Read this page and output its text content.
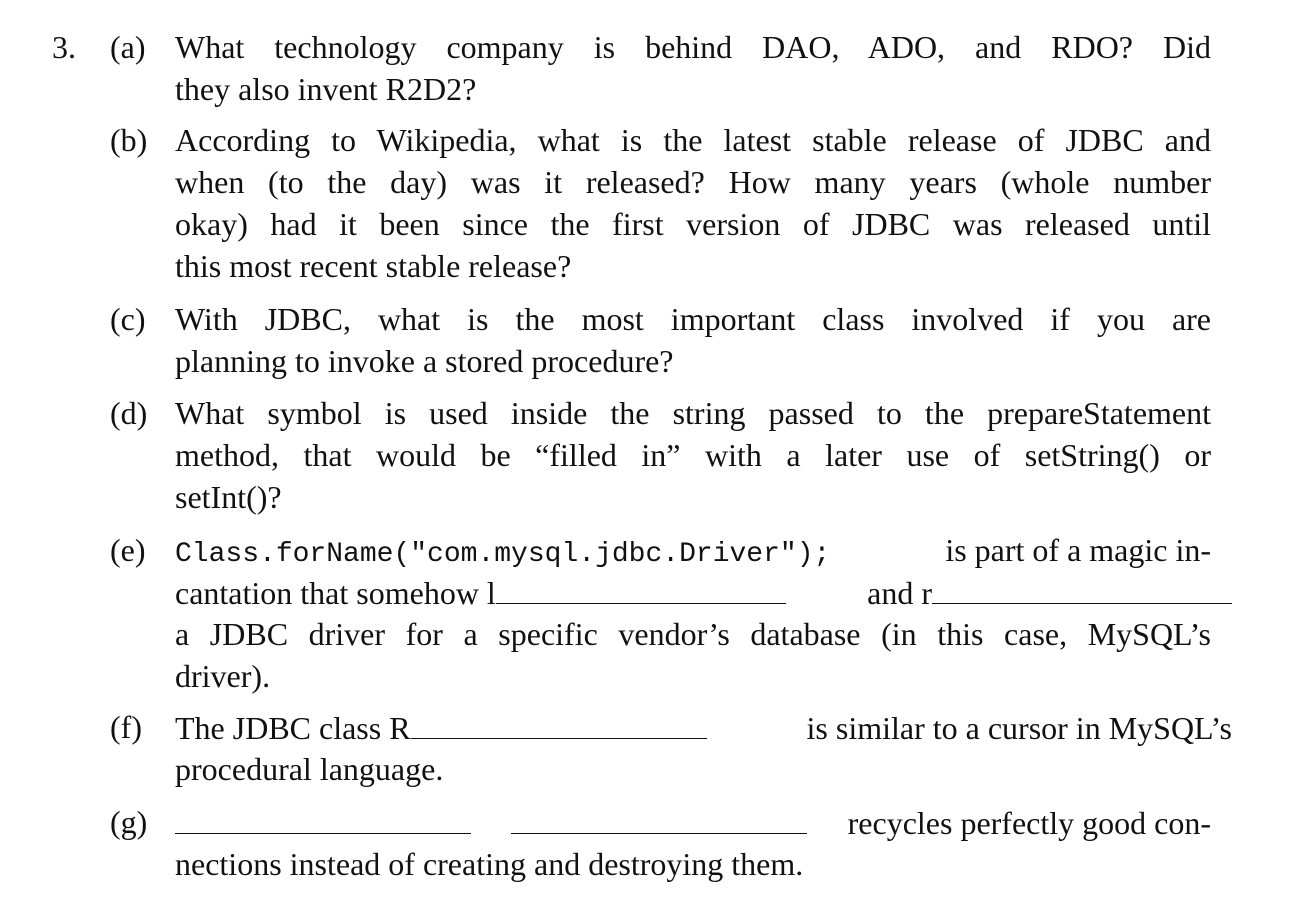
3. (a) What technology company is behind DAO, ADO, and RDO? Did
they also invent R2D2?
(b) According to Wikipedia, what is the latest stable release of JDBC and
when (to the day) was it released? How many years (whole number
okay) had it been since the first version of JDBC was released until
this most recent stable release?
(c) With JDBC, what is the most important class involved if you are
planning to invoke a stored procedure?
(d) What symbol is used inside the string passed to the prepareStatement
method, that would be “filled in” with a later use of setString() or
setInt()?
(e)	Class.forName("com.mysql.jdbc.Driver");	is part of a magic in-
cantation that somehow l	and r
a JDBC driver for a specific vendor’s database (in this case, MySQL’s
driver).
(f)	The JDBC class R	is similar to a cursor in MySQL’s
procedural language.
(g)	recycles perfectly good con-
nections instead of creating and destroying them.
